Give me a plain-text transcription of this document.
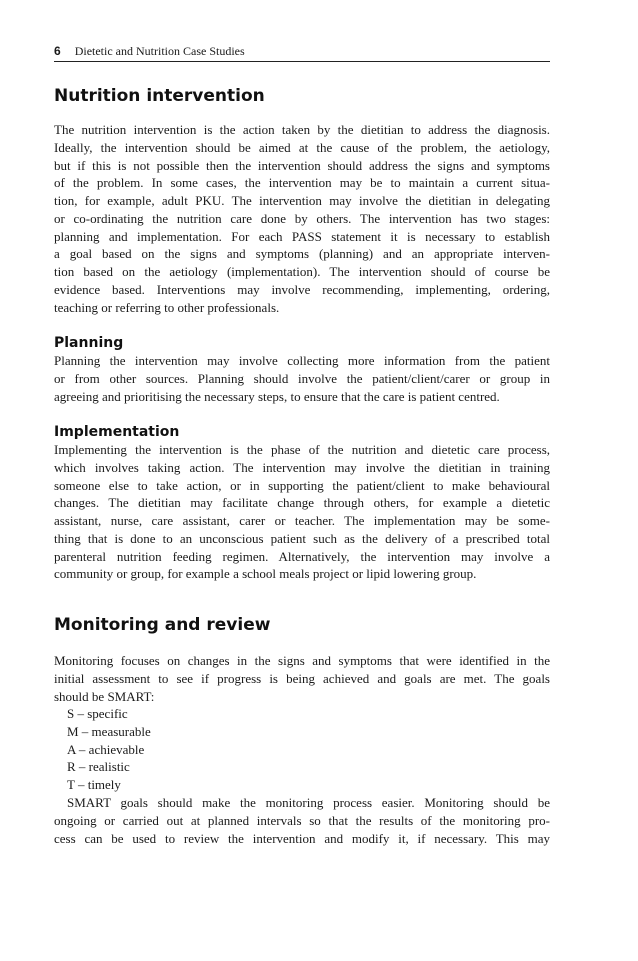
6 Dietetic and Nutrition Case Studies
Nutrition intervention
The nutrition intervention is the action taken by the dietitian to address the diagnosis.
Ideally, the intervention should be aimed at the cause of the problem, the aetiology,
but if this is not possible then the intervention should address the signs and symptoms
of the problem. In some cases, the intervention may be to maintain a current situa-
tion, for example, adult PKU. The intervention may involve the dietitian in delegating
or co-ordinating the nutrition care done by others. The intervention has two stages:
planning and implementation. For each PASS statement it is necessary to establish
a goal based on the signs and symptoms (planning) and an appropriate interven-
tion based on the aetiology (implementation). The intervention should of course be
evidence based. Interventions may involve recommending, implementing, ordering,
teaching or referring to other professionals.
Planning
Planning the intervention may involve collecting more information from the patient
or from other sources. Planning should involve the patient/client/carer or group in
agreeing and prioritising the necessary steps, to ensure that the care is patient centred.
Implementation
Implementing the intervention is the phase of the nutrition and dietetic care process,
which involves taking action. The intervention may involve the dietitian in training
someone else to take action, or in supporting the patient/client to make behavioural
changes. The dietitian may facilitate change through others, for example a dietetic
assistant, nurse, care assistant, carer or teacher. The implementation may be some-
thing that is done to an unconscious patient such as the delivery of a prescribed total
parenteral nutrition feeding regimen. Alternatively, the intervention may involve a
community or group, for example a school meals project or lipid lowering group.
Monitoring and review
Monitoring focuses on changes in the signs and symptoms that were identified in the
initial assessment to see if progress is being achieved and goals are met. The goals
should be SMART:
S – specific
M – measurable
A – achievable
R – realistic
T – timely
SMART goals should make the monitoring process easier. Monitoring should be
ongoing or carried out at planned intervals so that the results of the monitoring pro-
cess can be used to review the intervention and modify it, if necessary. This may
